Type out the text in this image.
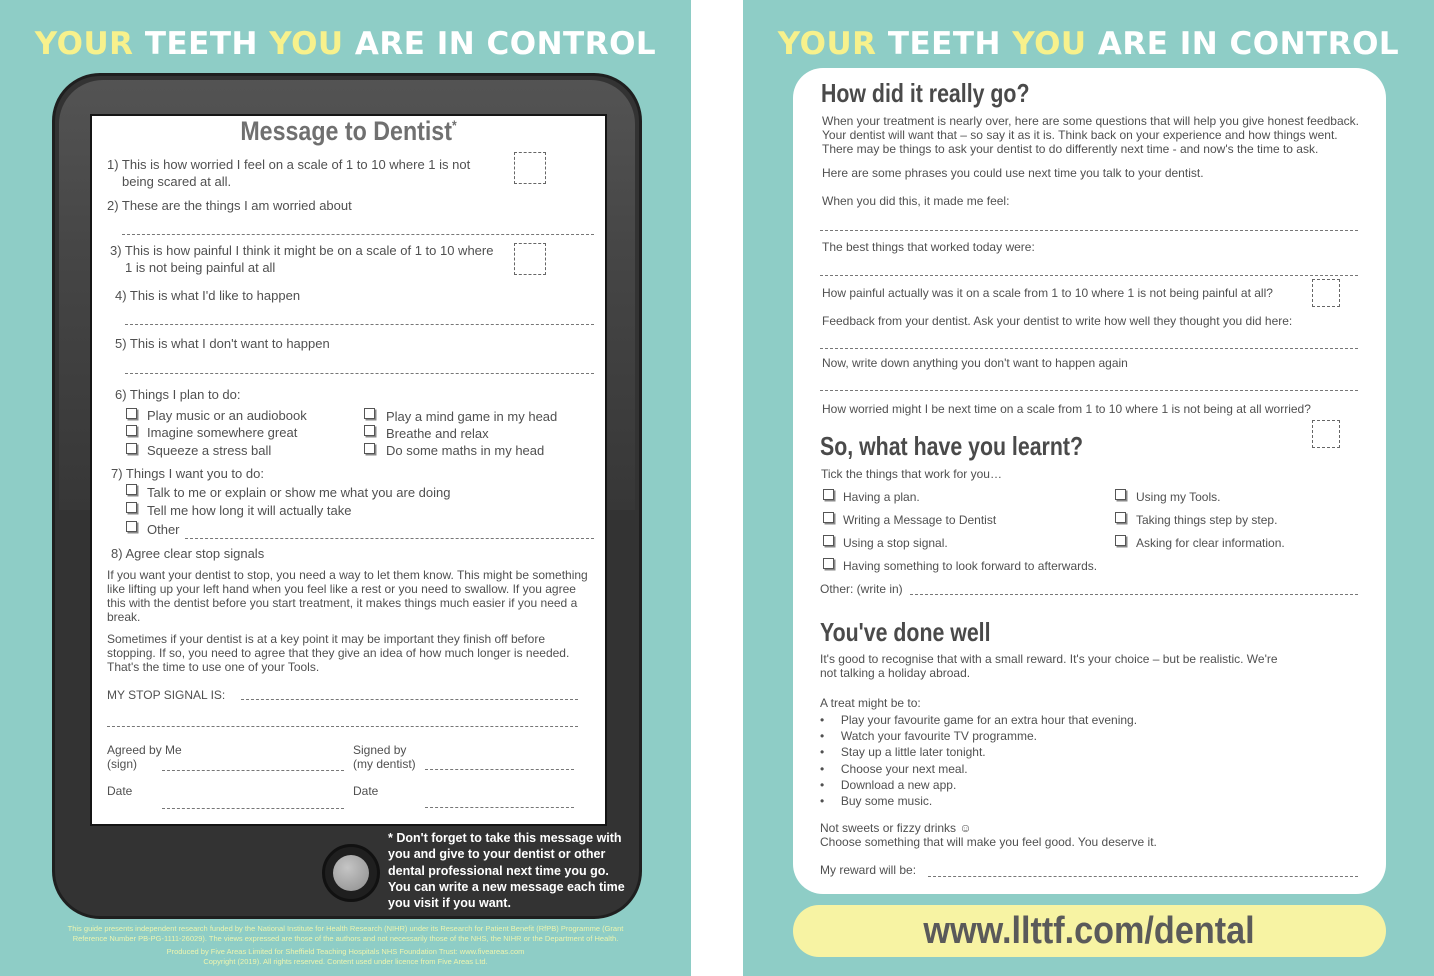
YOUR TEETH YOU ARE IN CONTROL
* Don't forget to take this message with you and give to your dentist or other dental professional next time you go. You can write a new message each time you visit if you want.
Message to Dentist*
1) This is how worried I feel on a scale of 1 to 10 where 1 is not
being scared at all.
2) These are the things I am worried about
3) This is how painful I think it might be on a scale of 1 to 10 where
1 is not being painful at all
4) This is what I'd like to happen
5) This is what I don't want to happen
6) Things I plan to do:
Play music or an audiobook
Imagine somewhere great
Squeeze a stress ball
Play a mind game in my head
Breathe and relax
Do some maths in my head
7) Things I want you to do:
Talk to me or explain or show me what you are doing
Tell me how long it will actually take
Other
8) Agree clear stop signals
If you want your dentist to stop, you need a way to let them know. This might be something like lifting up your left hand when you feel like a rest or you need to swallow. If you agree this with the dentist before you start treatment, it makes things much easier if you need a break.
Sometimes if your dentist is at a key point it may be important they finish off before stopping. If so, you need to agree that they give an idea of how much longer is needed. That's the time to use one of your Tools.
MY STOP SIGNAL IS:
Agreed by Me
(sign)
Signed by
(my dentist)
Date	Date
This guide presents independent research funded by the National Institute for Health Research (NIHR) under its Research for Patient Benefit (RfPB) Programme (Grant
Reference Number PB-PG-1111-26029). The views expressed are those of the authors and not necessarily those of the NHS, the NIHR or the Department of Health.
Produced by Five Areas Limited for Sheffield Teaching Hospitals NHS Foundation Trust: www.fiveareas.com
Copyright (2019). All rights reserved. Content used under licence from Five Areas Ltd.
YOUR TEETH YOU ARE IN CONTROL
How did it really go?
When your treatment is nearly over, here are some questions that will help you give honest feedback.
Your dentist will want that – so say it as it is. Think back on your experience and how things went.
There may be things to ask your dentist to do differently next time - and now's the time to ask.
Here are some phrases you could use next time you talk to your dentist.
When you did this, it made me feel:
The best things that worked today were:
How painful actually was it on a scale from 1 to 10 where 1 is not being painful at all?
Feedback from your dentist. Ask your dentist to write how well they thought you did here:
Now, write down anything you don't want to happen again
How worried might I be next time on a scale from 1 to 10 where 1 is not being at all worried?
So, what have you learnt?
Tick the things that work for you…
Having a plan.
Writing a Message to Dentist
Using a stop signal.
Having something to look forward to afterwards.
Using my Tools.
Taking things step by step.
Asking for clear information.
Other: (write in)
You've done well
It's good to recognise that with a small reward. It's your choice – but be realistic. We're
not talking a holiday abroad.
A treat might be to:
•     Play your favourite game for an extra hour that evening.
•     Watch your favourite TV programme.
•     Stay up a little later tonight.
•     Choose your next meal.
•     Download a new app.
•     Buy some music.
Not sweets or fizzy drinks ☺
Choose something that will make you feel good. You deserve it.
My reward will be:
www.llttf.com/dental
